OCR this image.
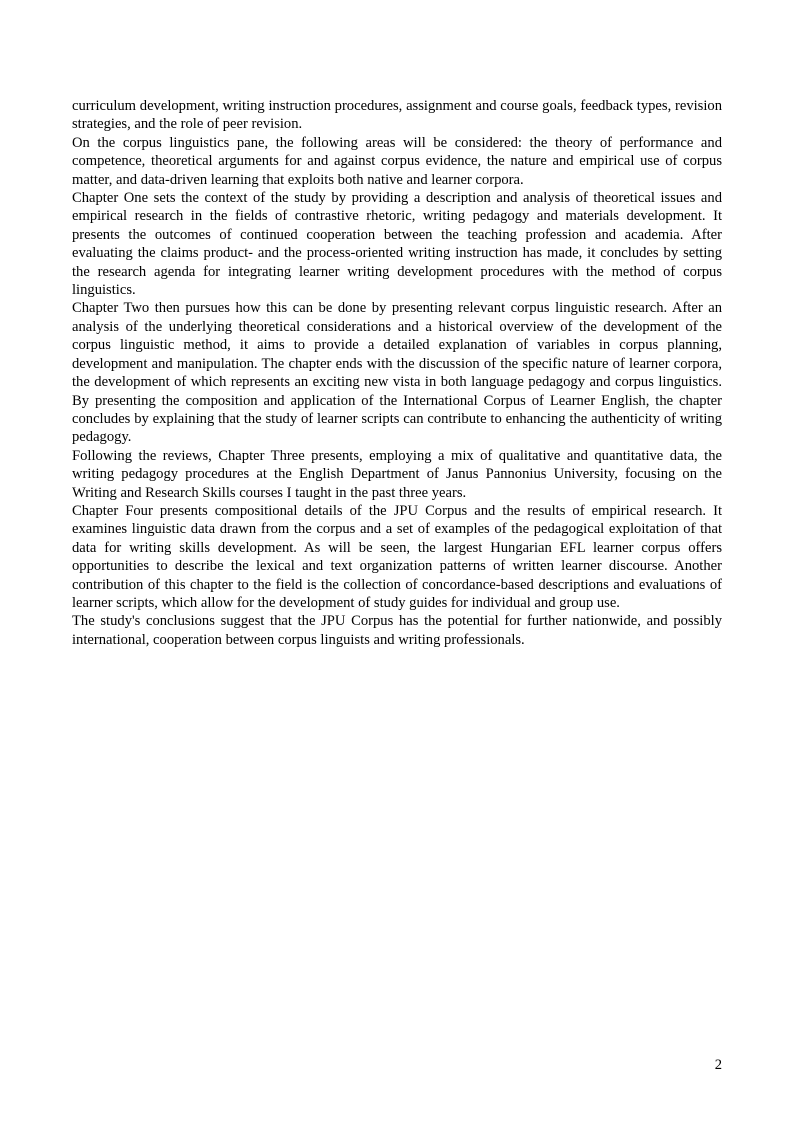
curriculum development, writing instruction procedures, assignment and course goals, feedback types, revision strategies, and the role of peer revision.

On the corpus linguistics pane, the following areas will be considered: the theory of performance and competence, theoretical arguments for and against corpus evidence, the nature and empirical use of corpus matter, and data-driven learning that exploits both native and learner corpora.

Chapter One sets the context of the study by providing a description and analysis of theoretical issues and empirical research in the fields of contrastive rhetoric, writing pedagogy and materials development. It presents the outcomes of continued cooperation between the teaching profession and academia. After evaluating the claims product- and the process-oriented writing instruction has made, it concludes by setting the research agenda for integrating learner writing development procedures with the method of corpus linguistics.

Chapter Two then pursues how this can be done by presenting relevant corpus linguistic research. After an analysis of the underlying theoretical considerations and a historical overview of the development of the corpus linguistic method, it aims to provide a detailed explanation of variables in corpus planning, development and manipulation. The chapter ends with the discussion of the specific nature of learner corpora, the development of which represents an exciting new vista in both language pedagogy and corpus linguistics. By presenting the composition and application of the International Corpus of Learner English, the chapter concludes by explaining that the study of learner scripts can contribute to enhancing the authenticity of writing pedagogy.

Following the reviews, Chapter Three presents, employing a mix of qualitative and quantitative data, the writing pedagogy procedures at the English Department of Janus Pannonius University, focusing on the Writing and Research Skills courses I taught in the past three years.

Chapter Four presents compositional details of the JPU Corpus and the results of empirical research. It examines linguistic data drawn from the corpus and a set of examples of the pedagogical exploitation of that data for writing skills development. As will be seen, the largest Hungarian EFL learner corpus offers opportunities to describe the lexical and text organization patterns of written learner discourse. Another contribution of this chapter to the field is the collection of concordance-based descriptions and evaluations of learner scripts, which allow for the development of study guides for individual and group use.

The study's conclusions suggest that the JPU Corpus has the potential for further nationwide, and possibly international, cooperation between corpus linguists and writing professionals.

2
